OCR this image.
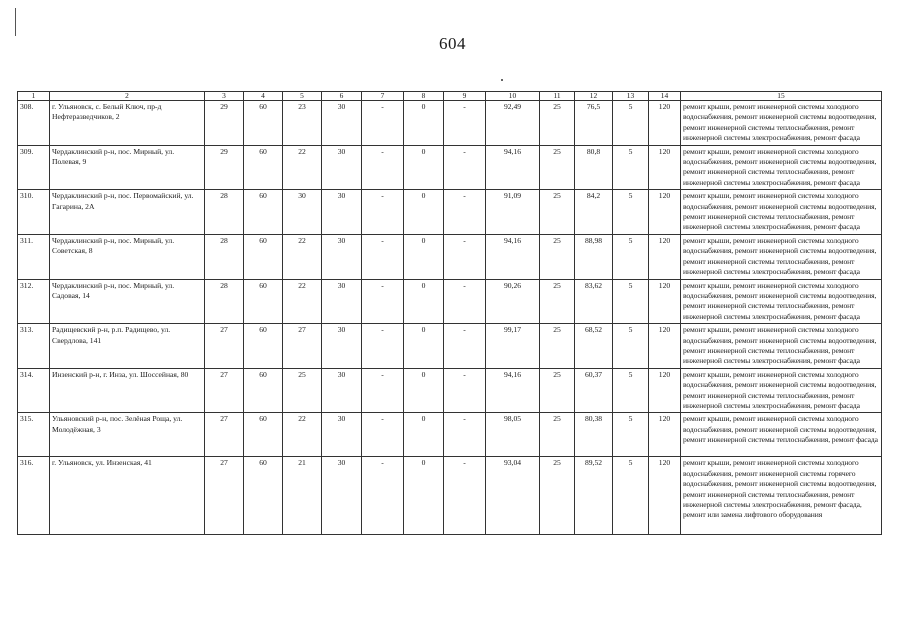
604
1	2	3	4	5	6	7	8	9	10	11	12	13	14	15
308.	г. Ульяновск, с. Белый Ключ, пр-д Нефтеразведчиков, 2	29	60	23	30	-	0	-	92,49	25	76,5	5	120	ремонт крыши, ремонт инженерной системы холодного водоснабжения, ремонт инженерной системы водоотведения, ремонт инженерной системы теплоснабжения, ремонт инженерной системы электроснабжения, ремонт фасада
309.	Чердаклинский р-н, пос. Мирный, ул. Полевая, 9	29	60	22	30	-	0	-	94,16	25	80,8	5	120	ремонт крыши, ремонт инженерной системы холодного водоснабжения, ремонт инженерной системы водоотведения, ремонт инженерной системы теплоснабжения, ремонт инженерной системы электроснабжения, ремонт фасада
310.	Чердаклинский р-н, пос. Первомайский, ул. Гагарина, 2А	28	60	30	30	-	0	-	91,09	25	84,2	5	120	ремонт крыши, ремонт инженерной системы холодного водоснабжения, ремонт инженерной системы водоотведения, ремонт инженерной системы теплоснабжения, ремонт инженерной системы электроснабжения, ремонт фасада
311.	Чердаклинский р-н, пос. Мирный, ул. Советская, 8	28	60	22	30	-	0	-	94,16	25	88,98	5	120	ремонт крыши, ремонт инженерной системы холодного водоснабжения, ремонт инженерной системы водоотведения, ремонт инженерной системы теплоснабжения, ремонт инженерной системы электроснабжения, ремонт фасада
312.	Чердаклинский р-н, пос. Мирный, ул. Садовая, 14	28	60	22	30	-	0	-	90,26	25	83,62	5	120	ремонт крыши, ремонт инженерной системы холодного водоснабжения, ремонт инженерной системы водоотведения, ремонт инженерной системы теплоснабжения, ремонт инженерной системы электроснабжения, ремонт фасада
313.	Радищевский р-н, р.п. Радищево, ул. Свердлова, 141	27	60	27	30	-	0	-	99,17	25	68,52	5	120	ремонт крыши, ремонт инженерной системы холодного водоснабжения, ремонт инженерной системы водоотведения, ремонт инженерной системы теплоснабжения, ремонт инженерной системы электроснабжения, ремонт фасада
314.	Инзенский р-н, г. Инза, ул. Шоссейная, 80	27	60	25	30	-	0	-	94,16	25	60,37	5	120	ремонт крыши, ремонт инженерной системы холодного водоснабжения, ремонт инженерной системы водоотведения, ремонт инженерной системы теплоснабжения, ремонт инженерной системы электроснабжения, ремонт фасада
315.	Ульяновский р-н, пос. Зелёная Роща, ул. Молодёжная, 3	27	60	22	30	-	0	-	98,05	25	80,38	5	120	ремонт крыши, ремонт инженерной системы холодного водоснабжения, ремонт инженерной системы водоотведения, ремонт инженерной системы теплоснабжения, ремонт фасада
316.	г. Ульяновск, ул. Инзенская, 41	27	60	21	30	-	0	-	93,04	25	89,52	5	120	ремонт крыши, ремонт инженерной системы холодного водоснабжения, ремонт инженерной системы горячего водоснабжения, ремонт инженерной системы водоотведения, ремонт инженерной системы теплоснабжения, ремонт инженерной системы электроснабжения, ремонт фасада, ремонт или замена лифтового оборудования
